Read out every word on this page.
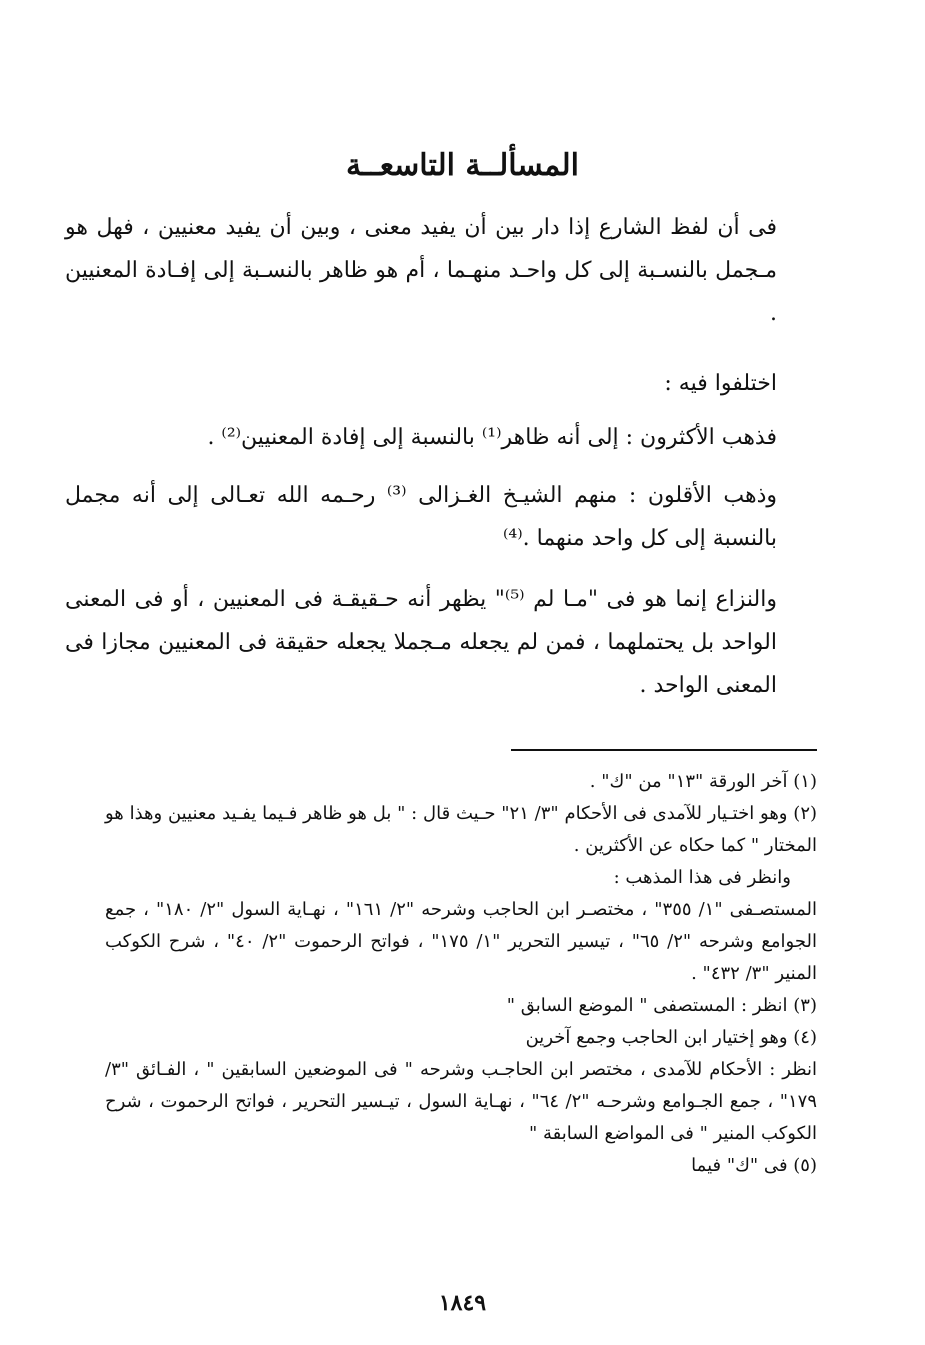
المسألــة التاسعــة

فى أن لفظ الشارع إذا دار بين أن يفيد معنى ، وبين أن يفيد معنيين ، فهل هو مـجمل بالنسـبة إلى كل واحـد منهـما ، أم هو ظاهر بالنسـبة إلى إفـادة المعنيين .

اختلفوا فيه :

فذهب الأكثرون : إلى أنه ظاهر⁽¹⁾ بالنسبة إلى إفادة المعنيين⁽²⁾ .

وذهب الأقلون : منهم الشيـخ الغـزالى ⁽³⁾ رحـمه الله تعـالى إلى أنه مجمل بالنسبة إلى كل واحد منهما .⁽⁴⁾

والنزاع إنما هو فى "مـا لم ⁽⁵⁾" يظهر أنه حـقيقـة فى المعنيين ، أو فى المعنى الواحد بل يحتملهما ، فمن لم يجعله مـجملا يجعله حقيقة فى المعنيين مجازا فى المعنى الواحد .

(١) آخر الورقة "١٣" من "ك" .

(٢) وهو اختـيار للآمدى فى الأحكام "٣/ ٢١" حـيث قال : " بل هو ظاهر فـيما يفـيد معنيين وهذا هو المختار " كما حكاه عن الأكثرين .

وانظر فى هذا المذهب :

المستصـفى "١/ ٣٥٥" ، مختصـر ابن الحاجب وشرحه "٢/ ١٦١" ، نهـاية السول "٢/ ١٨٠" ، جمع الجوامع وشرحه "٢/ ٦٥" ، تيسير التحرير "١/ ١٧٥" ، فواتح الرحموت "٢/ ٤٠" ، شرح الكوكب المنير "٣/ ٤٣٢" .

(٣) انظر : المستصفى " الموضع السابق "

(٤) وهو إختيار ابن الحاجب وجمع آخرين

انظر : الأحكام للآمدى ، مختصر ابن الحاجـب وشرحه " فى الموضعين السابقين " ، الفـائق "٣/ ١٧٩" ، جمع الجـوامع وشرحـه "٢/ ٦٤" ، نهـاية السول ، تيـسير التحرير ، فواتح الرحموت ، شرح الكوكب المنير " فى المواضع السابقة "

(٥) فى "ك" فيما

١٨٤٩
